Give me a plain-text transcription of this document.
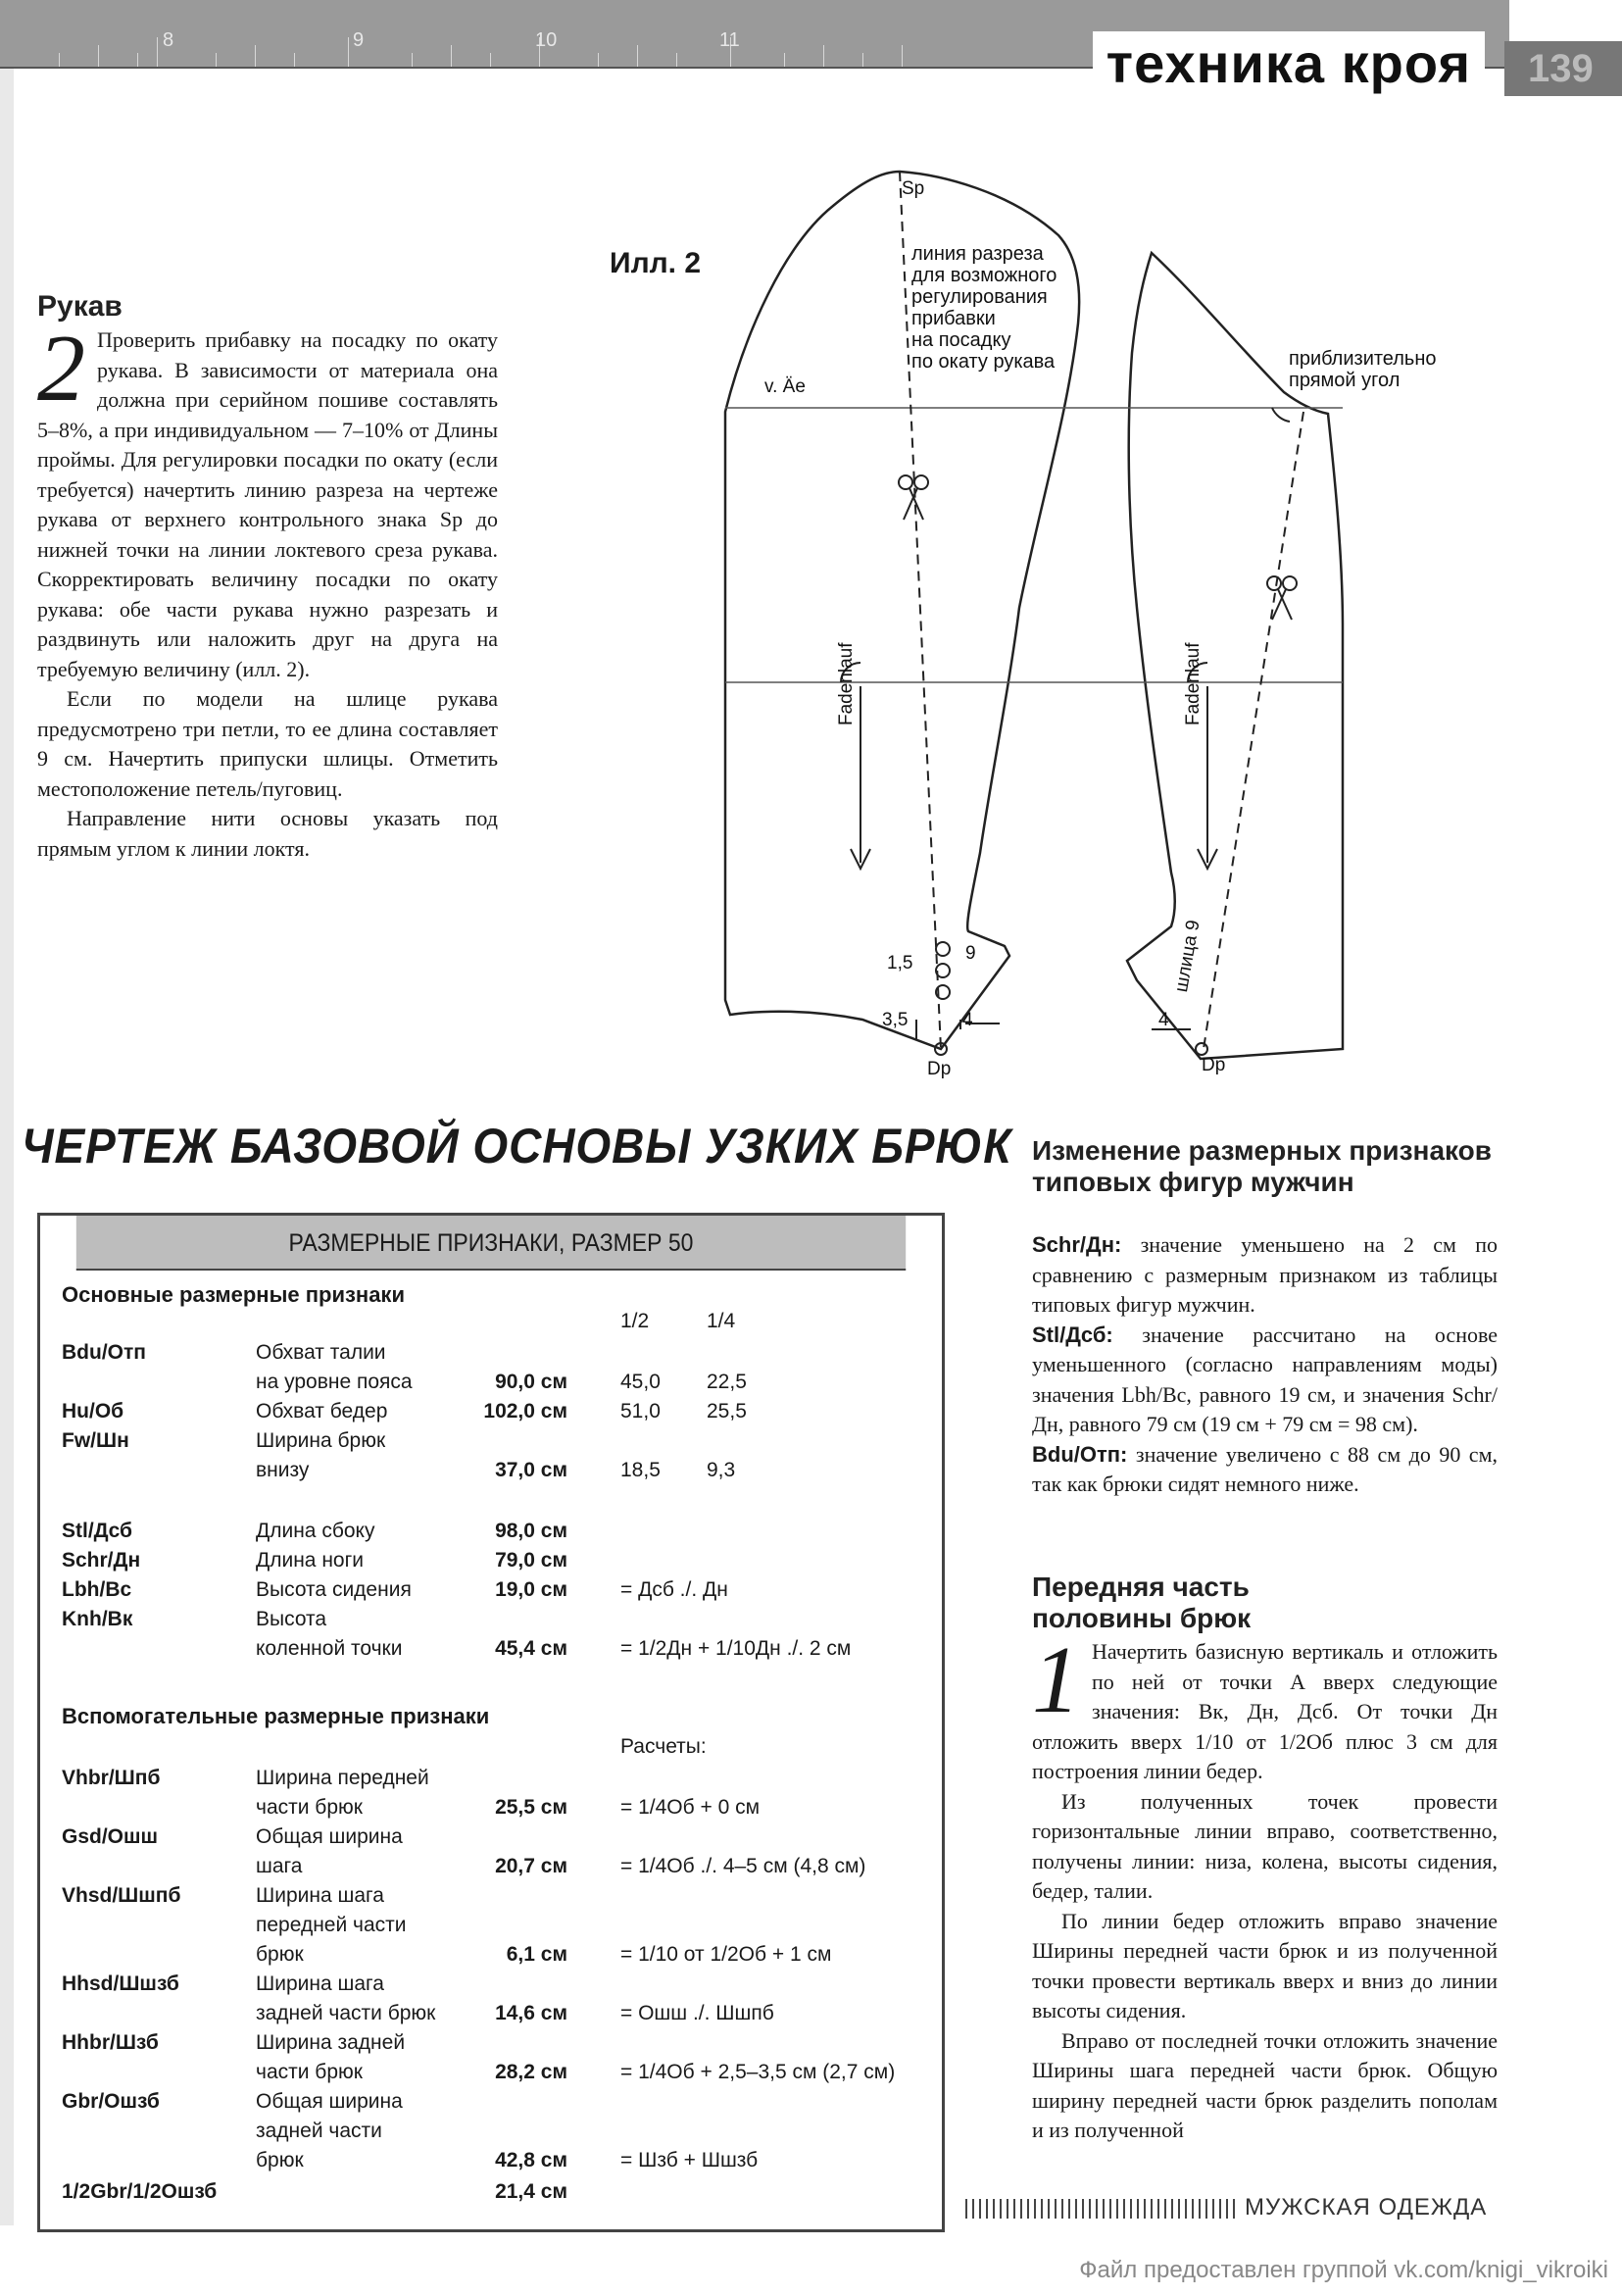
8	9	10	11	техника кроя	139
Рукав
2 Проверить прибавку на посадку по окату рукава. В зависимости от материала она должна при серийном пошиве составлять 5–8%, а при индивидуальном — 7–10% от Длины проймы. Для регулировки посадки по окату (если требуется) начертить линию разреза на чертеже рукава от верхнего контрольного знака Sp до нижней точки на линии локтевого среза рукава. Скорректировать величину посадки по окату рукава: обе части рукава нужно разрезать и раздвинуть или наложить друг на друга на требуемую величину (илл. 2).

Если по модели на шлице рукава предусмотрено три петли, то ее длина составляет 9 см. Начертить припуски шлицы. Отметить местоположение петель/пуговиц.

Направление нити основы указать под прямым углом к линии локтя.

Илл. 2
Sp
линия разреза
для возможного
регулирования
прибавки
на посадку
по окату рукава	приблизительно
прямой угол
v. Äe
Fadenlauf	Fadenlauf
Dp	Dp
шлица 9
1,5	9
3,5	4	4
ЧЕРТЕЖ БАЗОВОЙ ОСНОВЫ УЗКИХ БРЮК
РАЗМЕРНЫЕ ПРИЗНАКИ, РАЗМЕР 50
Основные размерные признаки
1/2	1/4
Bdu/Отп	Обхват талии
на уровне пояса	90,0 см	45,0 22,5
Hu/Об	Обхват бедер	102,0 см	51,0 25,5
Fw/Шн	Ширина брюк
внизу	37,0 см	18,5 9,3
Stl/Дсб	Длина сбоку	98,0 см
Schr/Дн	Длина ноги	79,0 см
Lbh/Вс	Высота сидения	19,0 см	= Дсб ./. Дн
Knh/Вк	Высота
коленной точки	45,4 см	= 1/2Дн + 1/10Дн ./. 2 см
Вспомогательные размерные признаки
Расчеты:
Vhbr/Шпб	Ширина передней
части брюк	25,5 см	= 1/4Об + 0 см
Gsd/Ошш	Общая ширина
шага	20,7 см	= 1/4Об ./. 4–5 см (4,8 см)
Vhsd/Шшпб	Ширина шага
передней части
брюк	6,1 см	= 1/10 от 1/2Об + 1 см
Hhsd/Шшзб	Ширина шага
задней части брюк	14,6 см	= Ошш ./. Шшпб
Hhbr/Шзб	Ширина задней
части брюк	28,2 см	= 1/4Об + 2,5–3,5 см (2,7 см)
Gbr/Ошзб	Общая ширина
задней части
брюк	42,8 см	= Шзб + Шшзб
1/2Gbr/1/2Ошзб	21,4 см
Изменение размерных признаков типовых фигур мужчин

Schr/Дн: значение уменьшено на 2 см по сравнению с размерным признаком из таблицы типовых фигур мужчин.

Stl/Дсб: значение рассчитано на основе уменьшенного (согласно направлениям моды) значения Lbh/Вс, равного 19 см, и значения Schr/Дн, равного 79 см (19 см + 79 см = 98 см).

Bdu/Отп: значение увеличено с 88 см до 90 см, так как брюки сидят немного ниже.

Передняя часть половины брюк
1 Начертить базисную вертикаль и отложить по ней от точки А вверх следующие значения: Вк, Дн, Дсб. От точки Дн отложить вверх 1/10 от 1/2Об плюс 3 см для построения линии бедер.

Из полученных точек провести горизонтальные линии вправо, соответственно, получены линии: низа, колена, высоты сидения, бедер, талии.

По линии бедер отложить вправо значение Ширины передней части брюк и из полученной точки провести вертикаль вверх и вниз до линии высоты сидения.

Вправо от последней точки отложить значение Ширины шага передней части брюк. Общую ширину передней части брюк разделить пополам и из полученной

МУЖСКАЯ ОДЕЖДА
Файл предоставлен группой vk.com/knigi_vikroiki
